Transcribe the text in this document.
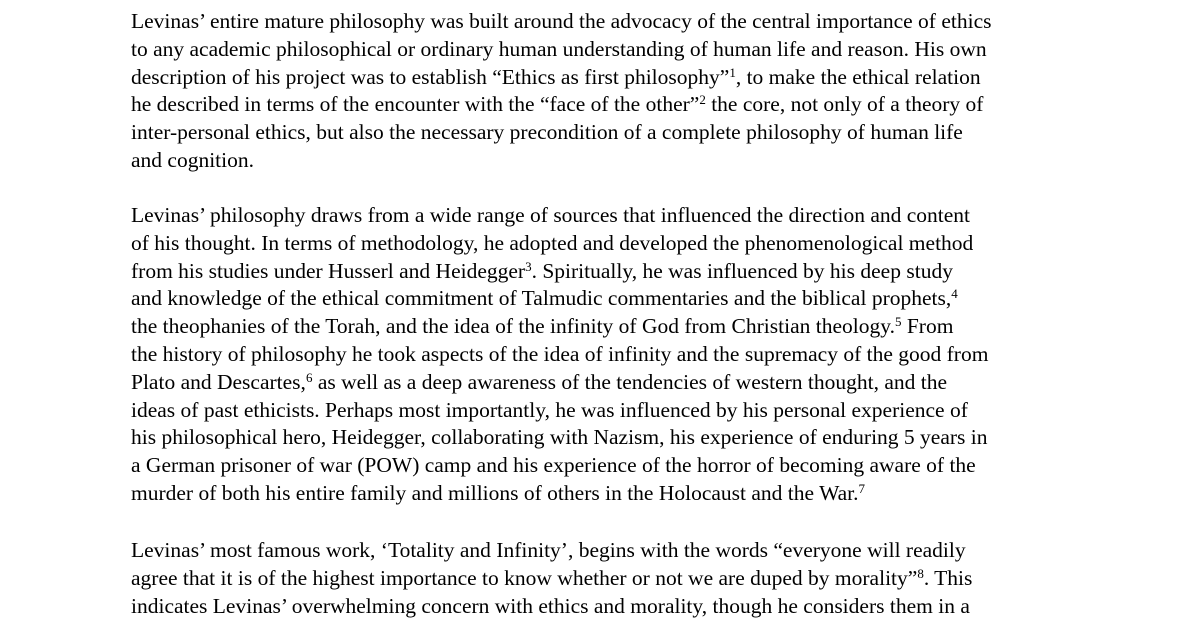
Levinas’ entire mature philosophy was built around the advocacy of the central importance of ethics
to any academic philosophical or ordinary human understanding of human life and reason. His own
description of his project was to establish “Ethics as first philosophy”$^1$, to make the ethical relation
he described in terms of the encounter with the “face of the other”$^2$ the core, not only of a theory of
inter-personal ethics, but also the necessary precondition of a complete philosophy of human life
and cognition.
Levinas’ philosophy draws from a wide range of sources that influenced the direction and content
of his thought. In terms of methodology, he adopted and developed the phenomenological method
from his studies under Husserl and Heidegger$^3$. Spiritually, he was influenced by his deep study
and knowledge of the ethical commitment of Talmudic commentaries and the biblical prophets,$^4$
the theophanies of the Torah, and the idea of the infinity of God from Christian theology.$^5$ From
the history of philosophy he took aspects of the idea of infinity and the supremacy of the good from
Plato and Descartes,$^6$ as well as a deep awareness of the tendencies of western thought, and the
ideas of past ethicists. Perhaps most importantly, he was influenced by his personal experience of
his philosophical hero, Heidegger, collaborating with Nazism, his experience of enduring 5 years in
a German prisoner of war (POW) camp and his experience of the horror of becoming aware of the
murder of both his entire family and millions of others in the Holocaust and the War.$^7$
Levinas’ most famous work, ‘Totality and Infinity’, begins with the words “everyone will readily
agree that it is of the highest importance to know whether or not we are duped by morality”$^8$. This
indicates Levinas’ overwhelming concern with ethics and morality, though he considers them in a
